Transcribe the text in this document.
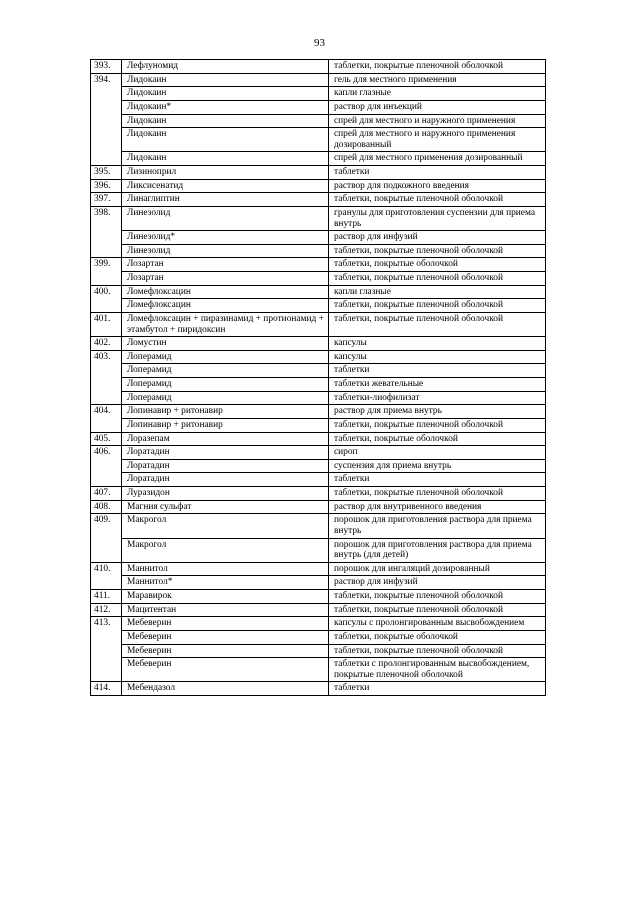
93
393.	Лефлуномид	таблетки, покрытые пленочной оболочкой
394.	Лидокаин	гель для местного применения
	Лидокаин	капли глазные
	Лидокаин*	раствор для инъекций
	Лидокаин	спрей для местного и наружного применения
	Лидокаин	спрей для местного и наружного применения дозированный
	Лидокаин	спрей для местного применения дозированный
395.	Лизиноприл	таблетки
396.	Ликсисенатид	раствор для подкожного введения
397.	Линаглиптин	таблетки, покрытые пленочной оболочкой
398.	Линезолид	гранулы для приготовления суспензии для приема внутрь
	Линезолид*	раствор для инфузий
	Линезолид	таблетки, покрытые пленочной оболочкой
399.	Лозартан	таблетки, покрытые оболочкой
	Лозартан	таблетки, покрытые пленочной оболочкой
400.	Ломефлоксацин	капли глазные
	Ломефлоксацин	таблетки, покрытые пленочной оболочкой
401.	Ломефлоксацин + пиразинамид + протионамид + этамбутол + пиридоксин	таблетки, покрытые пленочной оболочкой
402.	Ломустин	капсулы
403.	Лоперамид	капсулы
	Лоперамид	таблетки
	Лоперамид	таблетки жевательные
	Лоперамид	таблетки-лиофилизат
404.	Лопинавир + ритонавир	раствор для приема внутрь
	Лопинавир + ритонавир	таблетки, покрытые пленочной оболочкой
405.	Лоразепам	таблетки, покрытые оболочкой
406.	Лоратадин	сироп
	Лоратадин	суспензия для приема внутрь
	Лоратадин	таблетки
407.	Луразидон	таблетки, покрытые пленочной оболочкой
408.	Магния сульфат	раствор для внутривенного введения
409.	Макрогол	порошок для приготовления раствора для приема внутрь
	Макрогол	порошок для приготовления раствора для приема внутрь (для детей)
410.	Маннитол	порошок для ингаляций дозированный
	Маннитол*	раствор для инфузий
411.	Маравирок	таблетки, покрытые пленочной оболочкой
412.	Мацитентан	таблетки, покрытые пленочной оболочкой
413.	Мебеверин	капсулы с пролонгированным высвобождением
	Мебеверин	таблетки, покрытые оболочкой
	Мебеверин	таблетки, покрытые пленочной оболочкой
	Мебеверин	таблетки с пролонгированным высвобождением, покрытые пленочной оболочкой
414.	Мебендазол	таблетки
